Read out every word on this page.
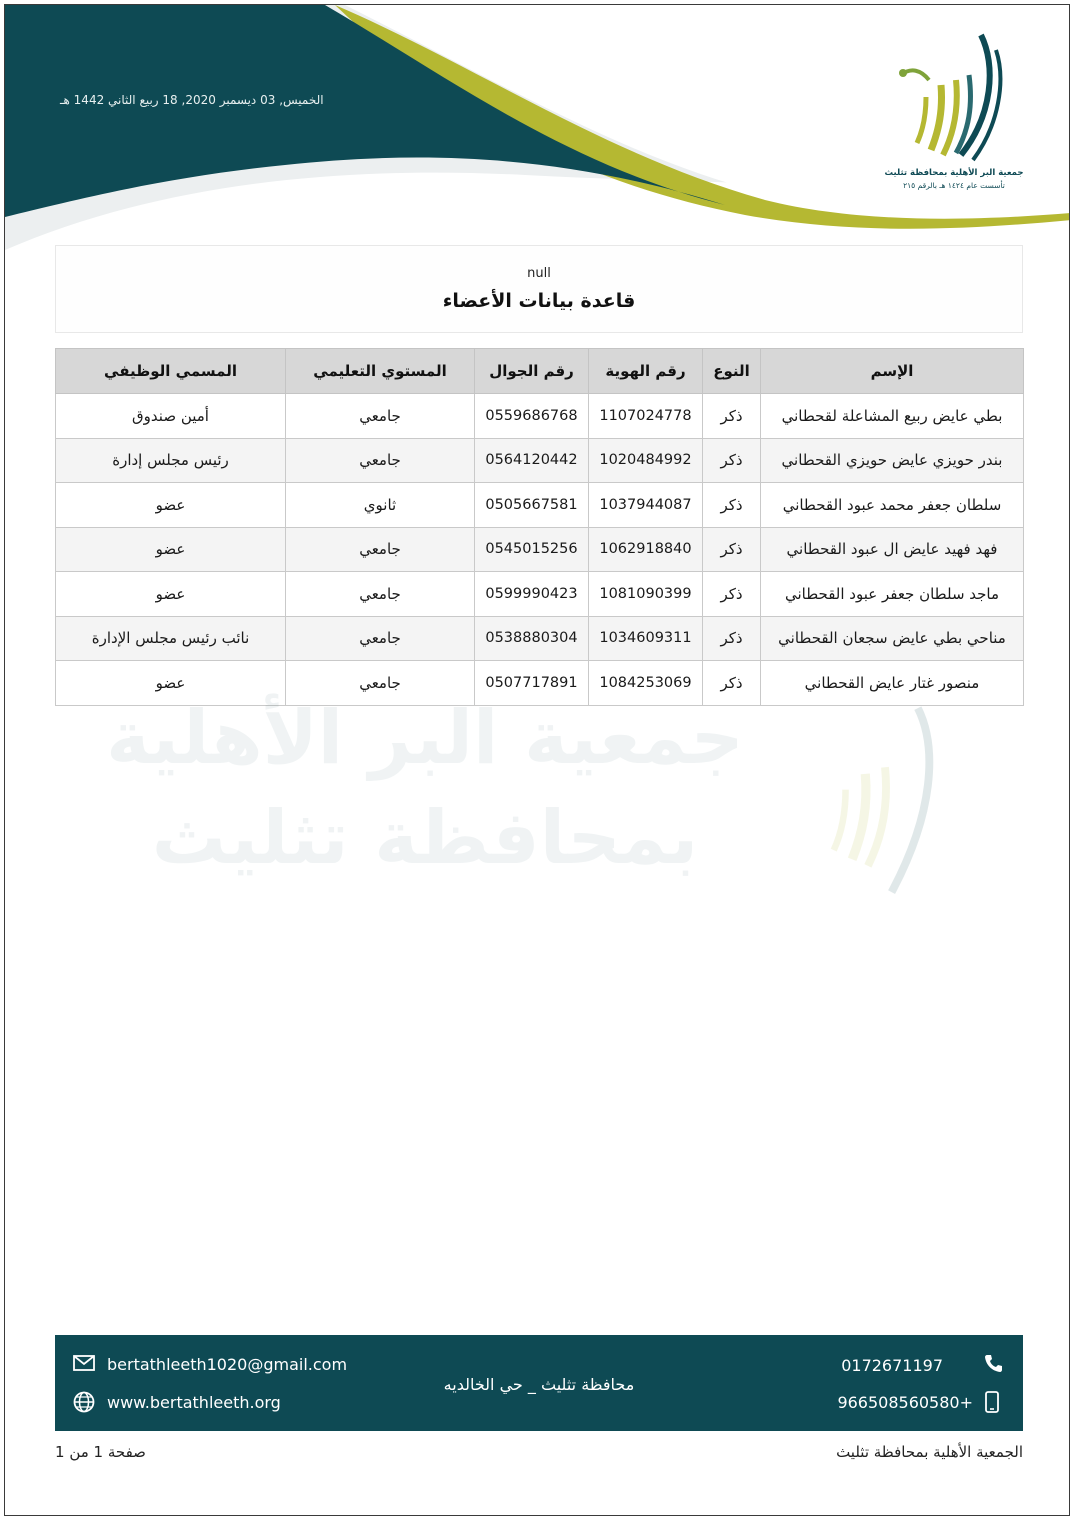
الخميس, 03 ديسمبر 2020, 18 ربيع الثاني 1442 هـ
جمعية البر الأهلية بمحافظة تثليث
تأسست عام ١٤٢٤ هـ بالرقم ٢١٥
null
قاعدة بيانات الأعضاء
الإسم	النوع	رقم الهوية	رقم الجوال	المستوي التعليمي	المسمي الوظيفي
بطي عايض ربيع المشاعلة لقحطاني	ذكر	1107024778	0559686768	جامعي	أمين صندوق
بندر حويزي عايض حويزي القحطاني	ذكر	1020484992	0564120442	جامعي	رئيس مجلس إدارة
سلطان جعفر محمد عبود القحطاني	ذكر	1037944087	0505667581	ثانوي	عضو
فهد فهيد عايض ال عبود القحطاني	ذكر	1062918840	0545015256	جامعي	عضو
ماجد سلطان جعفر عبود القحطاني	ذكر	1081090399	0599990423	جامعي	عضو
مناحي بطي عايض سجعان القحطاني	ذكر	1034609311	0538880304	جامعي	نائب رئيس مجلس الإدارة
منصور غتار عايض القحطاني	ذكر	1084253069	0507717891	جامعي	عضو
جمعية البر الأهلية
بمحافظة تثليث
bertathleeth1020@gmail.com
www.bertathleeth.org
محافظة تثليث _ حي الخالديه
0172671197
966508560580+
صفحة 1 من 1	الجمعية الأهلية بمحافظة تثليث
